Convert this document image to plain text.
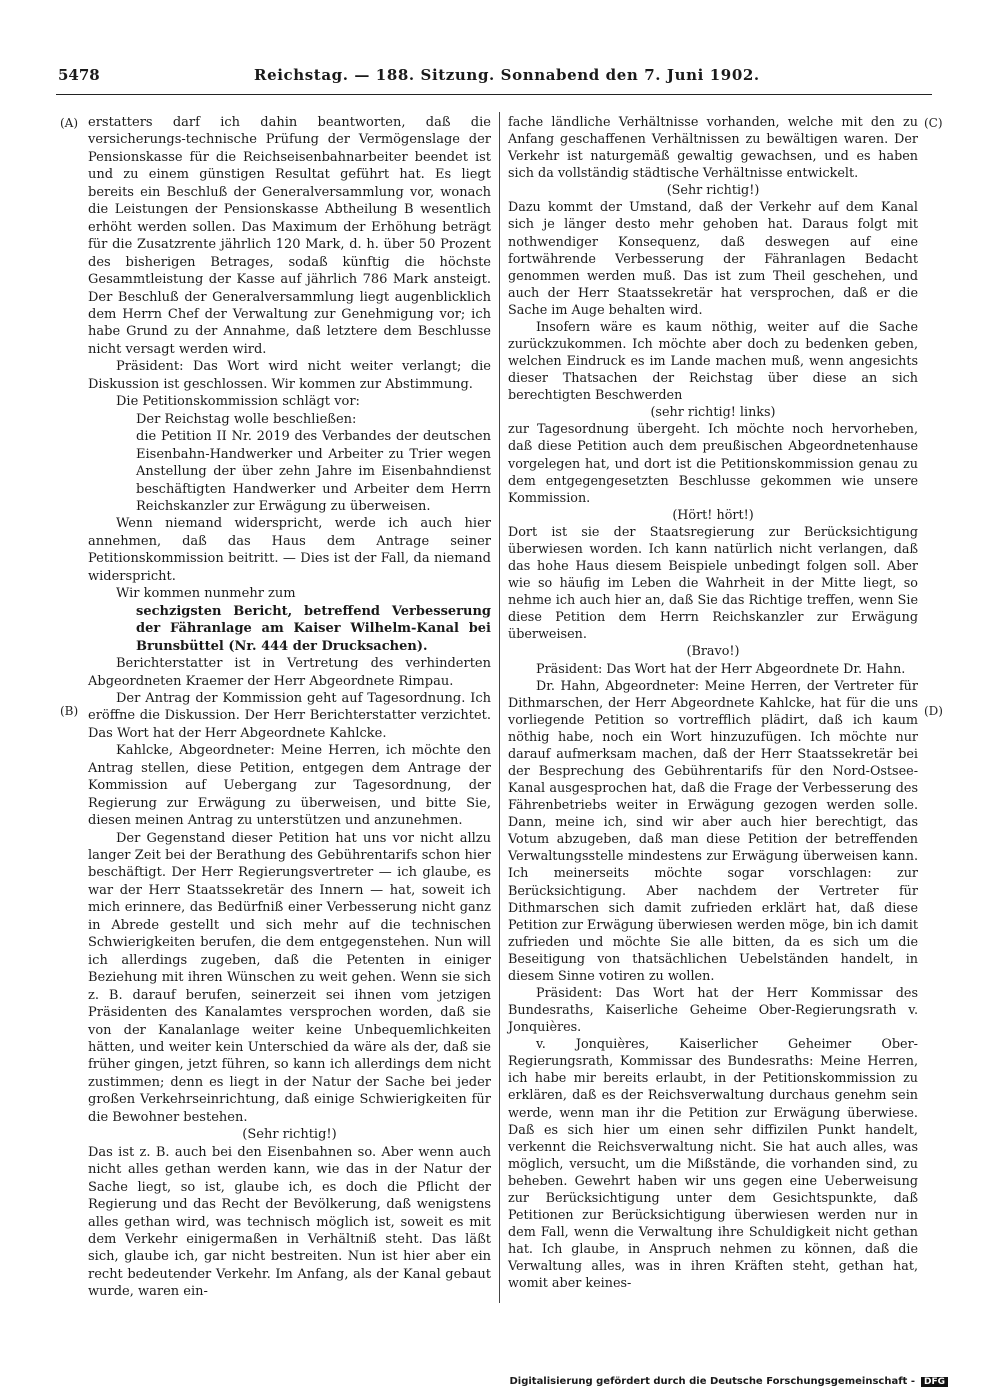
5478	Reichstag. — 188. Sitzung. Sonnabend den 7. Juni 1902.
(A)
(B)
(C)
(D)

erstatters darf ich dahin beantworten, daß die versicherungs-technische Prüfung der Vermögenslage der Pensionskasse für die Reichseisenbahnarbeiter beendet ist und zu einem günstigen Resultat geführt hat. Es liegt bereits ein Beschluß der Generalversammlung vor, wonach die Leistungen der Pensionskasse Abtheilung B wesentlich erhöht werden sollen. Das Maximum der Erhöhung beträgt für die Zusatzrente jährlich 120 Mark, d. h. über 50 Prozent des bisherigen Betrages, sodaß künftig die höchste Gesammtleistung der Kasse auf jährlich 786 Mark ansteigt. Der Beschluß der Generalversammlung liegt augenblicklich dem Herrn Chef der Verwaltung zur Genehmigung vor; ich habe Grund zu der Annahme, daß letztere dem Beschlusse nicht versagt werden wird.

Präsident: Das Wort wird nicht weiter verlangt; die Diskussion ist geschlossen. Wir kommen zur Abstimmung.

Die Petitionskommission schlägt vor:

Der Reichstag wolle beschließen:

die Petition II Nr. 2019 des Verbandes der deutschen Eisenbahn-Handwerker und Arbeiter zu Trier wegen Anstellung der über zehn Jahre im Eisenbahndienst beschäftigten Handwerker und Arbeiter dem Herrn Reichskanzler zur Erwägung zu überweisen.

Wenn niemand widerspricht, werde ich auch hier annehmen, daß das Haus dem Antrage seiner Petitionskommission beitritt. — Dies ist der Fall, da niemand widerspricht.

Wir kommen nunmehr zum

sechzigsten Bericht, betreffend Verbesserung der Fähranlage am Kaiser Wilhelm-Kanal bei Brunsbüttel (Nr. 444 der Drucksachen).

Berichterstatter ist in Vertretung des verhinderten Abgeordneten Kraemer der Herr Abgeordnete Rimpau.

Der Antrag der Kommission geht auf Tagesordnung. Ich eröffne die Diskussion. Der Herr Berichterstatter verzichtet. Das Wort hat der Herr Abgeordnete Kahlcke.

Kahlcke, Abgeordneter: Meine Herren, ich möchte den Antrag stellen, diese Petition, entgegen dem Antrage der Kommission auf Uebergang zur Tagesordnung, der Regierung zur Erwägung zu überweisen, und bitte Sie, diesen meinen Antrag zu unterstützen und anzunehmen.

Der Gegenstand dieser Petition hat uns vor nicht allzu langer Zeit bei der Berathung des Gebührentarifs schon hier beschäftigt. Der Herr Regierungsvertreter — ich glaube, es war der Herr Staatssekretär des Innern — hat, soweit ich mich erinnere, das Bedürfniß einer Verbesserung nicht ganz in Abrede gestellt und sich mehr auf die technischen Schwierigkeiten berufen, die dem entgegenstehen. Nun will ich allerdings zugeben, daß die Petenten in einiger Beziehung mit ihren Wünschen zu weit gehen. Wenn sie sich z. B. darauf berufen, seinerzeit sei ihnen vom jetzigen Präsidenten des Kanalamtes versprochen worden, daß sie von der Kanalanlage weiter keine Unbequemlichkeiten hätten, und weiter kein Unterschied da wäre als der, daß sie früher gingen, jetzt führen, so kann ich allerdings dem nicht zustimmen; denn es liegt in der Natur der Sache bei jeder großen Verkehrseinrichtung, daß einige Schwierigkeiten für die Bewohner bestehen.

(Sehr richtig!)

Das ist z. B. auch bei den Eisenbahnen so. Aber wenn auch nicht alles gethan werden kann, wie das in der Natur der Sache liegt, so ist, glaube ich, es doch die Pflicht der Regierung und das Recht der Bevölkerung, daß wenigstens alles gethan wird, was technisch möglich ist, soweit es mit dem Verkehr einigermaßen in Verhältniß steht. Das läßt sich, glaube ich, gar nicht bestreiten. Nun ist hier aber ein recht bedeutender Verkehr. Im Anfang, als der Kanal gebaut wurde, waren ein-

fache ländliche Verhältnisse vorhanden, welche mit den zu Anfang geschaffenen Verhältnissen zu bewältigen waren. Der Verkehr ist naturgemäß gewaltig gewachsen, und es haben sich da vollständig städtische Verhältnisse entwickelt.

(Sehr richtig!)

Dazu kommt der Umstand, daß der Verkehr auf dem Kanal sich je länger desto mehr gehoben hat. Daraus folgt mit nothwendiger Konsequenz, daß deswegen auf eine fortwährende Verbesserung der Fähranlagen Bedacht genommen werden muß. Das ist zum Theil geschehen, und auch der Herr Staatssekretär hat versprochen, daß er die Sache im Auge behalten wird.

Insofern wäre es kaum nöthig, weiter auf die Sache zurückzukommen. Ich möchte aber doch zu bedenken geben, welchen Eindruck es im Lande machen muß, wenn angesichts dieser Thatsachen der Reichstag über diese an sich berechtigten Beschwerden

(sehr richtig! links)

zur Tagesordnung übergeht. Ich möchte noch hervorheben, daß diese Petition auch dem preußischen Abgeordnetenhause vorgelegen hat, und dort ist die Petitionskommission genau zu dem entgegengesetzten Beschlusse gekommen wie unsere Kommission.

(Hört! hört!)

Dort ist sie der Staatsregierung zur Berücksichtigung überwiesen worden. Ich kann natürlich nicht verlangen, daß das hohe Haus diesem Beispiele unbedingt folgen soll. Aber wie so häufig im Leben die Wahrheit in der Mitte liegt, so nehme ich auch hier an, daß Sie das Richtige treffen, wenn Sie diese Petition dem Herrn Reichskanzler zur Erwägung überweisen.

(Bravo!)

Präsident: Das Wort hat der Herr Abgeordnete Dr. Hahn.

Dr. Hahn, Abgeordneter: Meine Herren, der Vertreter für Dithmarschen, der Herr Abgeordnete Kahlcke, hat für die uns vorliegende Petition so vortrefflich plädirt, daß ich kaum nöthig habe, noch ein Wort hinzuzufügen. Ich möchte nur darauf aufmerksam machen, daß der Herr Staatssekretär bei der Besprechung des Gebührentarifs für den Nord-Ostsee-Kanal ausgesprochen hat, daß die Frage der Verbesserung des Fährenbetriebs weiter in Erwägung gezogen werden solle. Dann, meine ich, sind wir aber auch hier berechtigt, das Votum abzugeben, daß man diese Petition der betreffenden Verwaltungsstelle mindestens zur Erwägung überweisen kann. Ich meinerseits möchte sogar vorschlagen: zur Berücksichtigung. Aber nachdem der Vertreter für Dithmarschen sich damit zufrieden erklärt hat, daß diese Petition zur Erwägung überwiesen werden möge, bin ich damit zufrieden und möchte Sie alle bitten, da es sich um die Beseitigung von thatsächlichen Uebelständen handelt, in diesem Sinne votiren zu wollen.

Präsident: Das Wort hat der Herr Kommissar des Bundesraths, Kaiserliche Geheime Ober-Regierungsrath v. Jonquières.

v. Jonquières, Kaiserlicher Geheimer Ober-Regierungsrath, Kommissar des Bundesraths: Meine Herren, ich habe mir bereits erlaubt, in der Petitionskommission zu erklären, daß es der Reichsverwaltung durchaus genehm sein werde, wenn man ihr die Petition zur Erwägung überwiese. Daß es sich hier um einen sehr diffizilen Punkt handelt, verkennt die Reichsverwaltung nicht. Sie hat auch alles, was möglich, versucht, um die Mißstände, die vorhanden sind, zu beheben. Gewehrt haben wir uns gegen eine Ueberweisung zur Berücksichtigung unter dem Gesichtspunkte, daß Petitionen zur Berücksichtigung überwiesen werden nur in dem Fall, wenn die Verwaltung ihre Schuldigkeit nicht gethan hat. Ich glaube, in Anspruch nehmen zu können, daß die Verwaltung alles, was in ihren Kräften steht, gethan hat, womit aber keines-

Digitalisierung gefördert durch die Deutsche Forschungsgemeinschaft - DFG
